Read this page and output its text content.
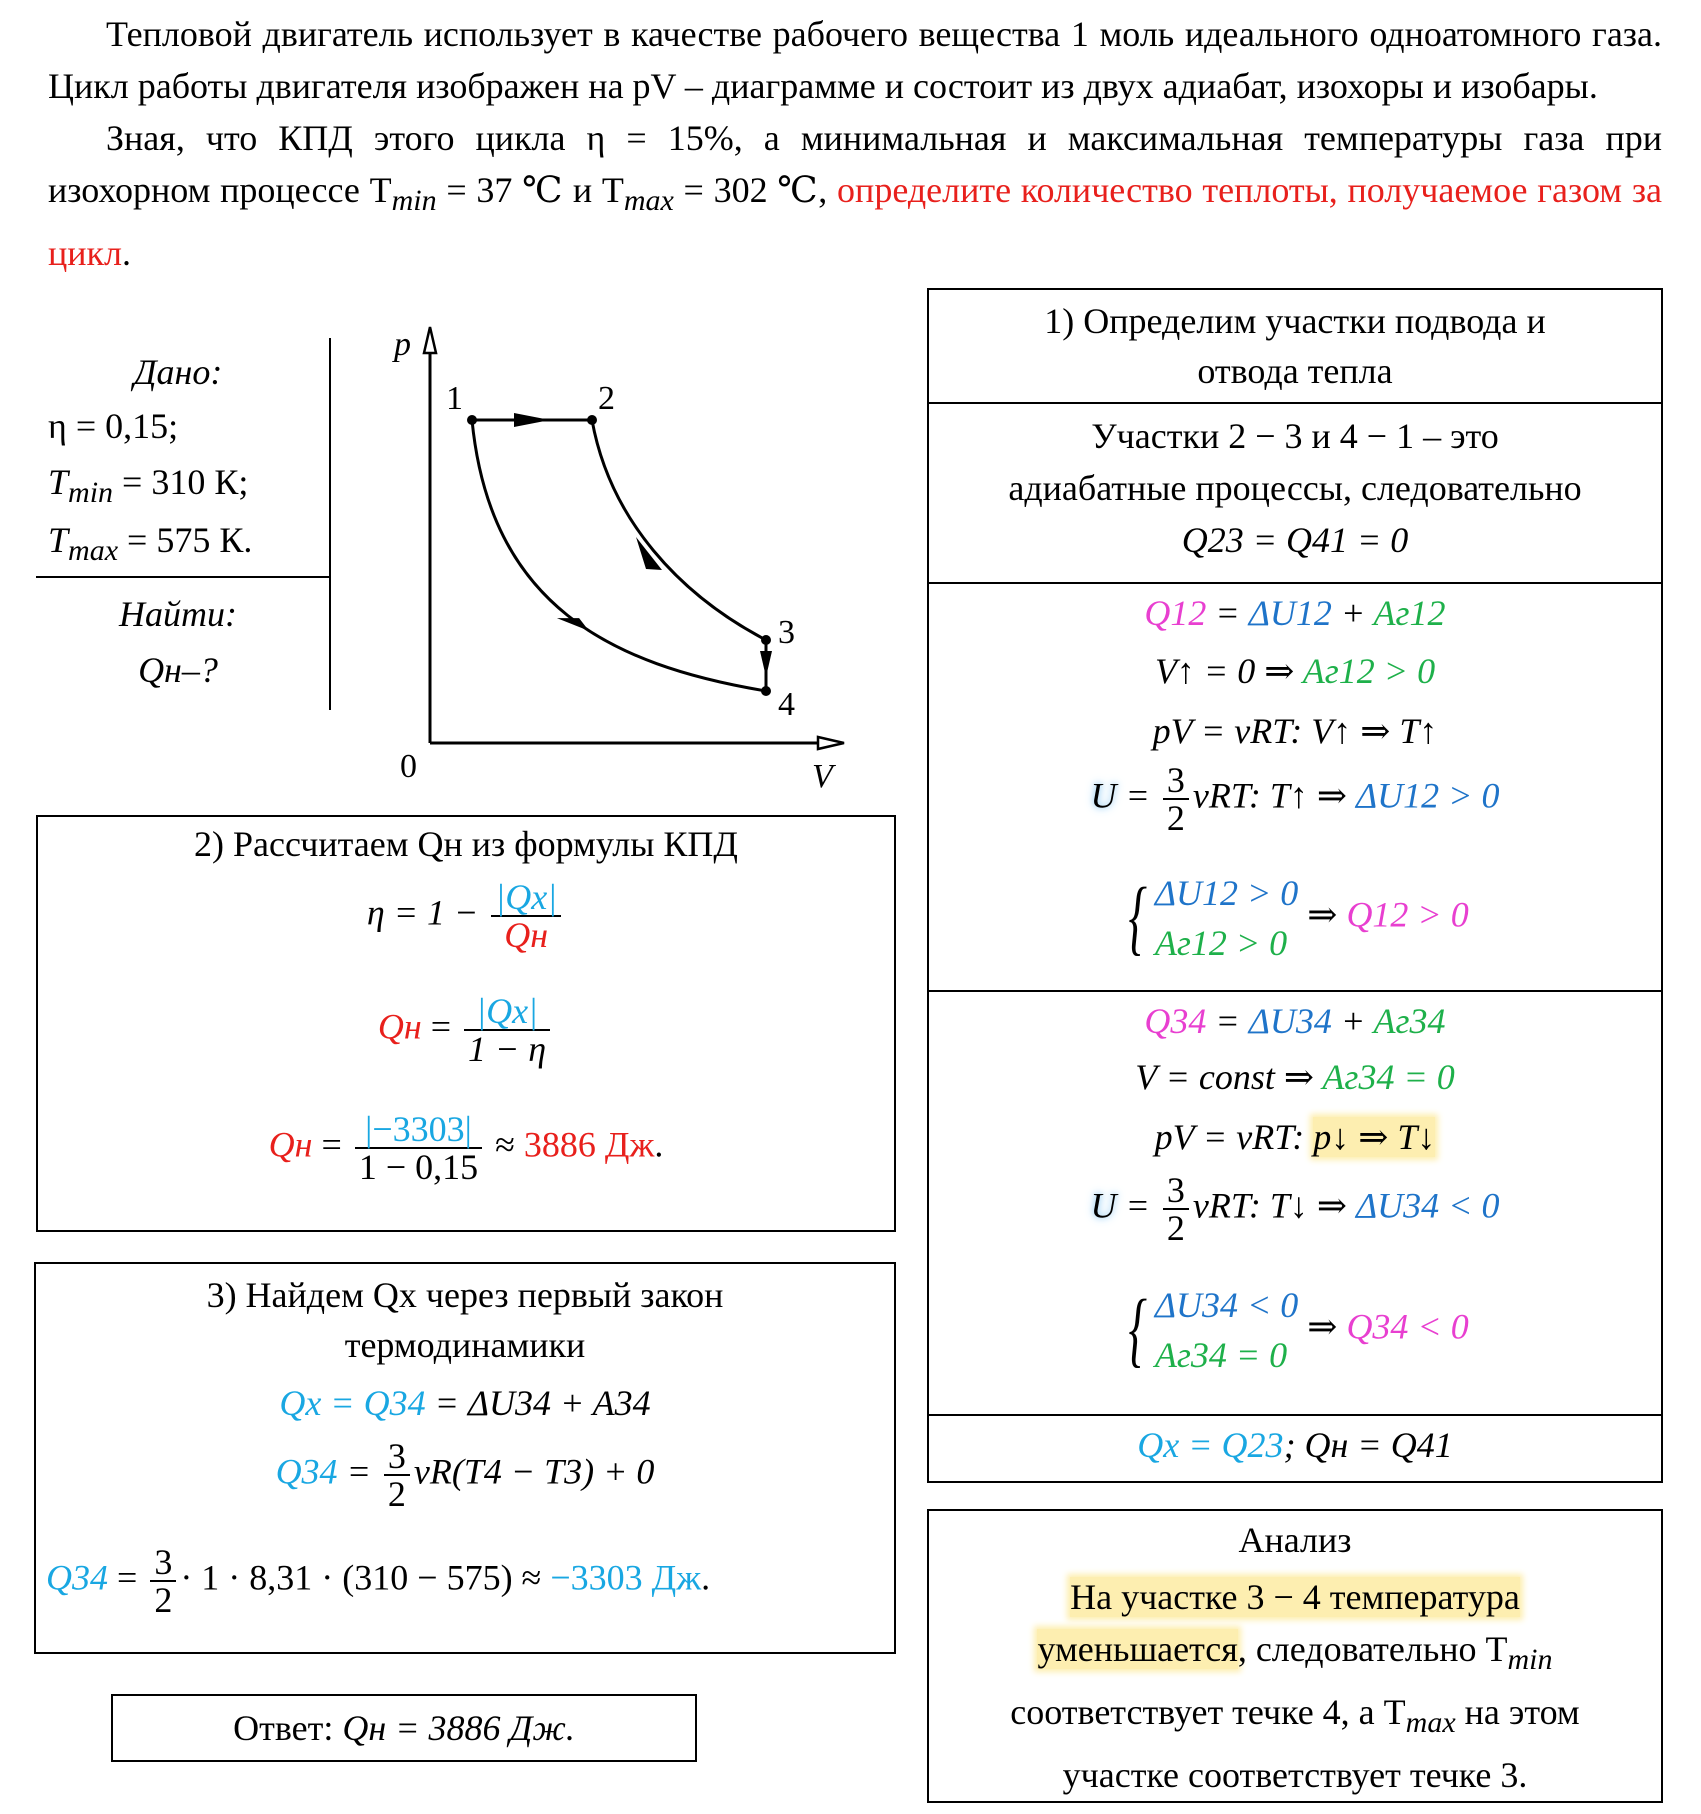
Тепловой двигатель использует в качестве рабочего вещества 1 моль идеального одноатомного газа. Цикл работы двигателя изображен на pV – диаграмме и состоит из двух адиабат, изохоры и изобары.

Зная, что КПД этого цикла η = 15%, а минимальная и максимальная температуры газа при изохорном процессе $T_{min} = 37$ ℃ и $T_{max} = 302$ ℃, определите количество теплоты, получаемое газом за цикл.

Дано:
η = 0,15;
$T_{min} = 310$ К;
$T_{max} = 575$ К.
Найти:
Qн–?
p
V
0
1	2
3
4
2) Рассчитаем Qн из формулы КПД
$\eta = 1 - \frac{|Qх|}{Qн}$
Qн = $\frac{|Qх|}{1 - \eta}$
Qн = $\frac{|-3303|}{1 - 0,15} \approx 3886$ Дж.
3) Найдем Qх через первый закон
термодинамики
Qх = Q34 = ΔU34 + A34
$Q34 = \frac{3}{2} \nu R(T4 - T3) + 0$
$Q34 = \frac{3}{2} \cdot 1 \cdot 8,31 \cdot (310 - 575) \approx -3303$ Дж.
Ответ: Qн = 3886 Дж.
1) Определим участки подвода и
отвода тепла
Участки 2 − 3 и 4 − 1 – это
адиабатные процессы, следовательно
Q23 = Q41 = 0
Q12 = ΔU12 + Aг12
V↑ = 0 ⇒ Aг12 > 0
pV = νRT: V↑ ⇒ T↑
$U = \frac{3}{2} \nu RT$: T↑ ⇒ ΔU12 > 0
{ ΔU12 > 0
Aг12 > 0
⇒ Q12 > 0
Q34 = ΔU34 + Aг34
V = const ⇒ Aг34 = 0
pV = νRT: p↓ ⇒ T↓
$U = \frac{3}{2} \nu RT$: T↓ ⇒ ΔU34 < 0
{ ΔU34 < 0
Aг34 = 0
⇒ Q34 < 0
Qх = Q23; Qн = Q41
Анализ
На участке 3 − 4 температура
уменьшается, следовательно $T_{min}$
соответствует течке 4, а $T_{max}$ на этом
участке соответствует течке 3.
